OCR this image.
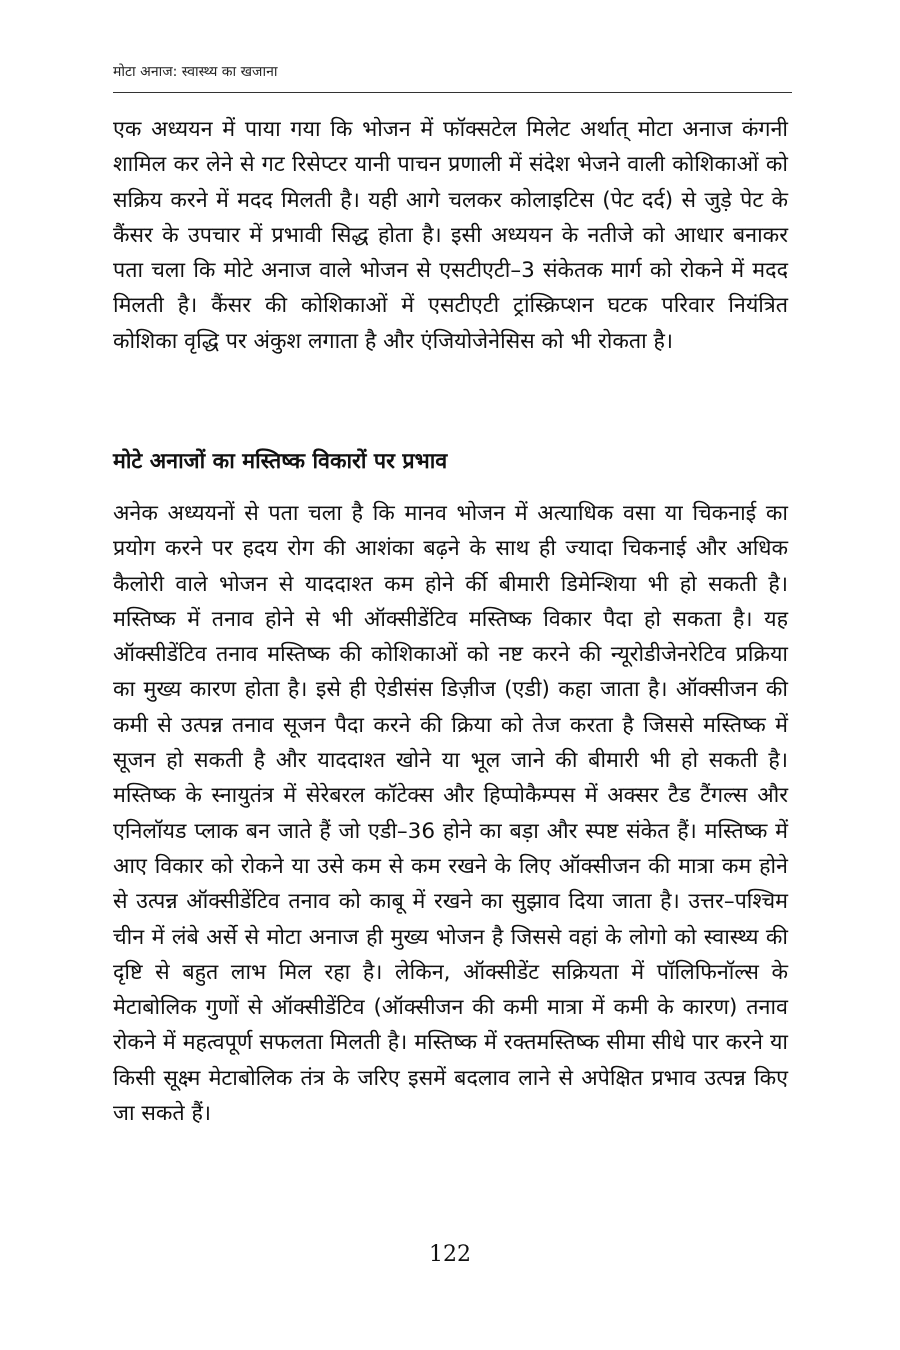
मोटा अनाज: स्वास्थ्य का खजाना

एक अध्ययन में पाया गया कि भोजन में फॉक्सटेल मिलेट अर्थात् मोटा अनाज कंगनी शामिल कर लेने से गट रिसेप्टर यानी पाचन प्रणाली में संदेश भेजने वाली कोशिकाओं को सक्रिय करने में मदद मिलती है। यही आगे चलकर कोलाइटिस (पेट दर्द) से जुड़े पेट के कैंसर के उपचार में प्रभावी सिद्ध होता है। इसी अध्ययन के नतीजे को आधार बनाकर पता चला कि मोटे अनाज वाले भोजन से एसटीएटी–3 संकेतक मार्ग को रोकने में मदद मिलती है। कैंसर की कोशिकाओं में एसटीएटी ट्रांस्क्रिप्शन घटक परिवार नियंत्रित कोशिका वृद्धि पर अंकुश लगाता है और एंजियोजेनेसिस को भी रोकता है।

मोटे अनाजों का मस्तिष्क विकारों पर प्रभाव

अनेक अध्ययनों से पता चला है कि मानव भोजन में अत्याधिक वसा या चिकनाई का प्रयोग करने पर हदय रोग की आशंका बढ़ने के साथ ही ज्यादा चिकनाई और अधिक कैलोरी वाले भोजन से याददाश्त कम होने र्की बीमारी डिमेन्शिया भी हो सकती है। मस्तिष्क में तनाव होने से भी ऑक्सीडेंटिव मस्तिष्क विकार पैदा हो सकता है। यह ऑक्सीडेंटिव तनाव मस्तिष्क की कोशिकाओं को नष्ट करने की न्यूरोडीजेनरेटिव प्रक्रिया का मुख्य कारण होता है। इसे ही ऐडीसंस डिज़ीज (एडी) कहा जाता है। ऑक्सीजन की कमी से उत्पन्न तनाव सूजन पैदा करने की क्रिया को तेज करता है जिससे मस्तिष्क में सूजन हो सकती है और याददाश्त खोने या भूल जाने की बीमारी भी हो सकती है। मस्तिष्क के स्नायुतंत्र में सेरेबरल कॉटेक्स और हिप्पोकैम्पस में अक्सर टैड टैंगल्स और एनिलॉयड प्लाक बन जाते हैं जो एडी–36 होने का बड़ा और स्पष्ट संकेत हैं। मस्तिष्क में आए विकार को रोकने या उसे कम से कम रखने के लिए ऑक्सीजन की मात्रा कम होने से उत्पन्न ऑक्सीडेंटिव तनाव को काबू में रखने का सुझाव दिया जाता है। उत्तर–पश्चिम चीन में लंबे अर्से से मोटा अनाज ही मुख्य भोजन है जिससे वहां के लोगो को स्वास्थ्य की दृष्टि से बहुत लाभ मिल रहा है। लेकिन, ऑक्सीडेंट सक्रियता में पॉलिफिनॉल्स के मेटाबोलिक गुणों से ऑक्सीडेंटिव (ऑक्सीजन की कमी मात्रा में कमी के कारण) तनाव रोकने में महत्वपूर्ण सफलता मिलती है। मस्तिष्क में रक्तमस्तिष्क सीमा सीधे पार करने या किसी सूक्ष्म मेटाबोलिक तंत्र के जरिए इसमें बदलाव लाने से अपेक्षित प्रभाव उत्पन्न किए जा सकते हैं।

122
